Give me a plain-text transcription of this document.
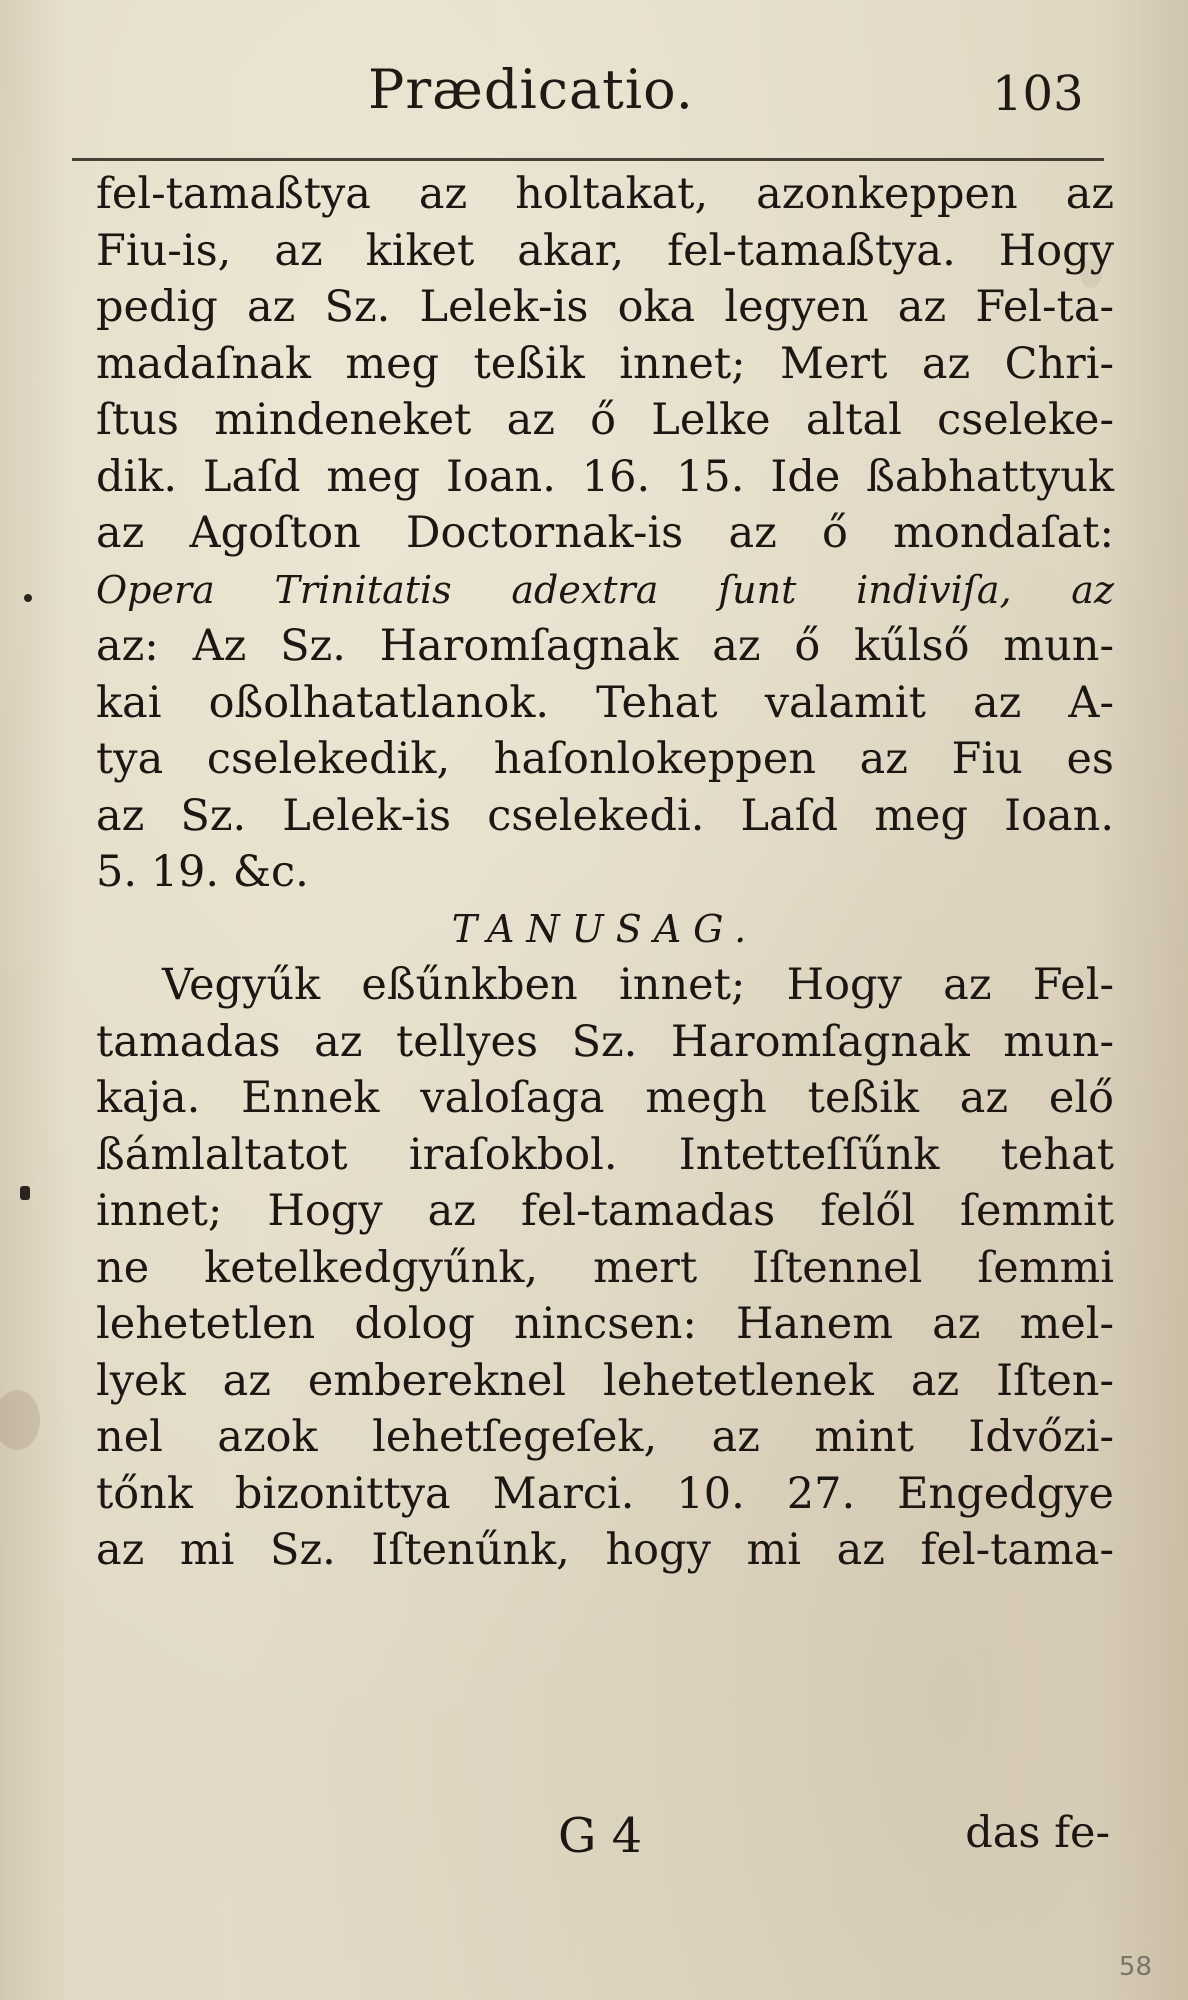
Prædicatio.	103
fel-tamaßtya az holtakat, azonkeppen az
Fiu-is, az kiket akar, fel-tamaßtya. Hogy
pedig az Sz. Lelek-is oka legyen az Fel-ta-
madaſnak meg teßik innet; Mert az Chri-
ſtus mindeneket az ő Lelke altal cseleke-
dik. Laſd meg Ioan. 16. 15. Ide ßabhattyuk
az Agoſton Doctornak-is az ő mondaſat:
Opera Trinitatis adextra ſunt indiviſa, az
az: Az Sz. Haromſagnak az ő kűlső mun-
kai oßolhatatlanok. Tehat valamit az A-
tya cselekedik, haſonlokeppen az Fiu es
az Sz. Lelek-is cselekedi. Laſd meg Ioan.
5. 19. &c.
TANUSAG.
Vegyűk eßűnkben innet; Hogy az Fel-
tamadas az tellyes Sz. Haromſagnak mun-
kaja. Ennek valoſaga megh teßik az elő
ßámlaltatot iraſokbol. Intetteſſűnk tehat
innet; Hogy az fel-tamadas felől ſemmit
ne ketelkedgyűnk, mert Iſtennel ſemmi
lehetetlen dolog nincsen: Hanem az mel-
lyek az embereknel lehetetlenek az Iſten-
nel azok lehetſegeſek, az mint Idvőzi-
tőnk bizonittya Marci. 10. 27. Engedgye
az mi Sz. Iſtenűnk, hogy mi az fel-tama-
G 4	das fe-
58
